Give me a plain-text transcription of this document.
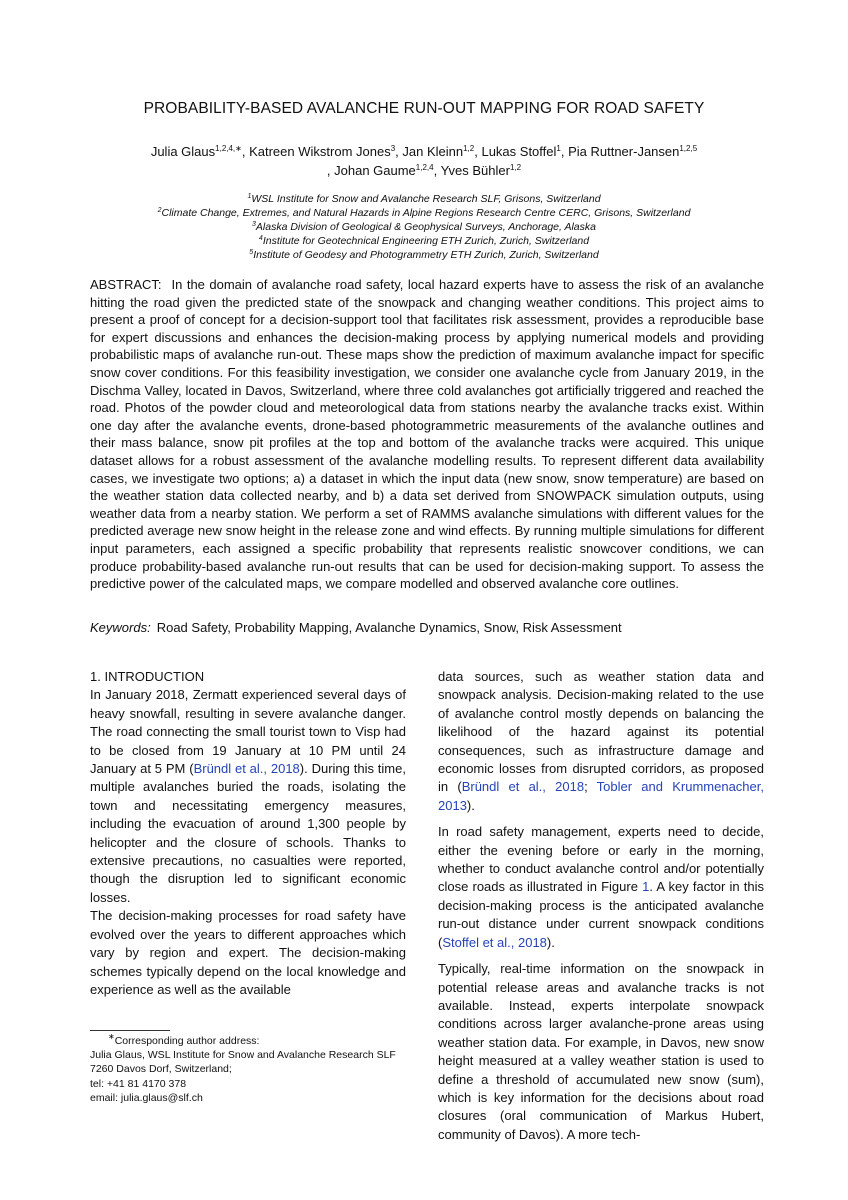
PROBABILITY-BASED AVALANCHE RUN-OUT MAPPING FOR ROAD SAFETY
Julia Glaus$^{1,2,4,∗}$, Katreen Wikstrom Jones$^3$, Jan Kleinn$^{1,2}$, Lukas Stoffel$^1$, Pia Ruttner-Jansen$^{1,2,5}$
, Johan Gaume$^{1,2,4}$, Yves Bühler$^{1,2}$
$^1$WSL Institute for Snow and Avalanche Research SLF, Grisons, Switzerland
$^2$Climate Change, Extremes, and Natural Hazards in Alpine Regions Research Centre CERC, Grisons, Switzerland
$^3$Alaska Division of Geological & Geophysical Surveys, Anchorage, Alaska
$^4$Institute for Geotechnical Engineering ETH Zurich, Zurich, Switzerland
$^5$Institute of Geodesy and Photogrammetry ETH Zurich, Zurich, Switzerland
ABSTRACT: In the domain of avalanche road safety, local hazard experts have to assess the risk of an avalanche hitting the road given the predicted state of the snowpack and changing weather conditions. This project aims to present a proof of concept for a decision-support tool that facilitates risk assessment, provides a reproducible base for expert discussions and enhances the decision-making process by applying numerical models and providing probabilistic maps of avalanche run-out. These maps show the prediction of maximum avalanche impact for specific snow cover conditions. For this feasibility investigation, we consider one avalanche cycle from January 2019, in the Dischma Valley, located in Davos, Switzerland, where three cold avalanches got artificially triggered and reached the road. Photos of the powder cloud and meteorological data from stations nearby the avalanche tracks exist. Within one day after the avalanche events, drone-based photogrammetric measurements of the avalanche outlines and their mass balance, snow pit profiles at the top and bottom of the avalanche tracks were acquired. This unique dataset allows for a robust assessment of the avalanche modelling results. To represent different data availability cases, we investigate two options; a) a dataset in which the input data (new snow, snow temperature) are based on the weather station data collected nearby, and b) a data set derived from SNOWPACK simulation outputs, using weather data from a nearby station. We perform a set of RAMMS avalanche simulations with different values for the predicted average new snow height in the release zone and wind effects. By running multiple simulations for different input parameters, each assigned a specific probability that represents realistic snowcover conditions, we can produce probability-based avalanche run-out results that can be used for decision-making support. To assess the predictive power of the calculated maps, we compare modelled and observed avalanche core outlines.
Keywords: Road Safety, Probability Mapping, Avalanche Dynamics, Snow, Risk Assessment

1. INTRODUCTION

In January 2018, Zermatt experienced several days of heavy snowfall, resulting in severe avalanche danger. The road connecting the small tourist town to Visp had to be closed from 19 January at 10 PM until 24 January at 5 PM (Bründl et al., 2018). During this time, multiple avalanches buried the roads, isolating the town and necessitating emergency measures, including the evacuation of around 1,300 people by helicopter and the closure of schools. Thanks to extensive precautions, no casualties were reported, though the disruption led to significant economic losses.

The decision-making processes for road safety have evolved over the years to different approaches which vary by region and expert. The decision-making schemes typically depend on the local knowledge and experience as well as the available

∗Corresponding author address:

Julia Glaus, WSL Institute for Snow and Avalanche Research SLF

7260 Davos Dorf, Switzerland;

tel: +41 81 4170 378

email: julia.glaus@slf.ch

data sources, such as weather station data and snowpack analysis. Decision-making related to the use of avalanche control mostly depends on balancing the likelihood of the hazard against its potential consequences, such as infrastructure damage and economic losses from disrupted corridors, as proposed in (Bründl et al., 2018; Tobler and Krummenacher, 2013).

In road safety management, experts need to decide, either the evening before or early in the morning, whether to conduct avalanche control and/or potentially close roads as illustrated in Figure 1. A key factor in this decision-making process is the anticipated avalanche run-out distance under current snowpack conditions (Stoffel et al., 2018).

Typically, real-time information on the snowpack in potential release areas and avalanche tracks is not available. Instead, experts interpolate snowpack conditions across larger avalanche-prone areas using weather station data. For example, in Davos, new snow height measured at a valley weather station is used to define a threshold of accumulated new snow (sum), which is key information for the decisions about road closures (oral communication of Markus Hubert, community of Davos). A more tech-
